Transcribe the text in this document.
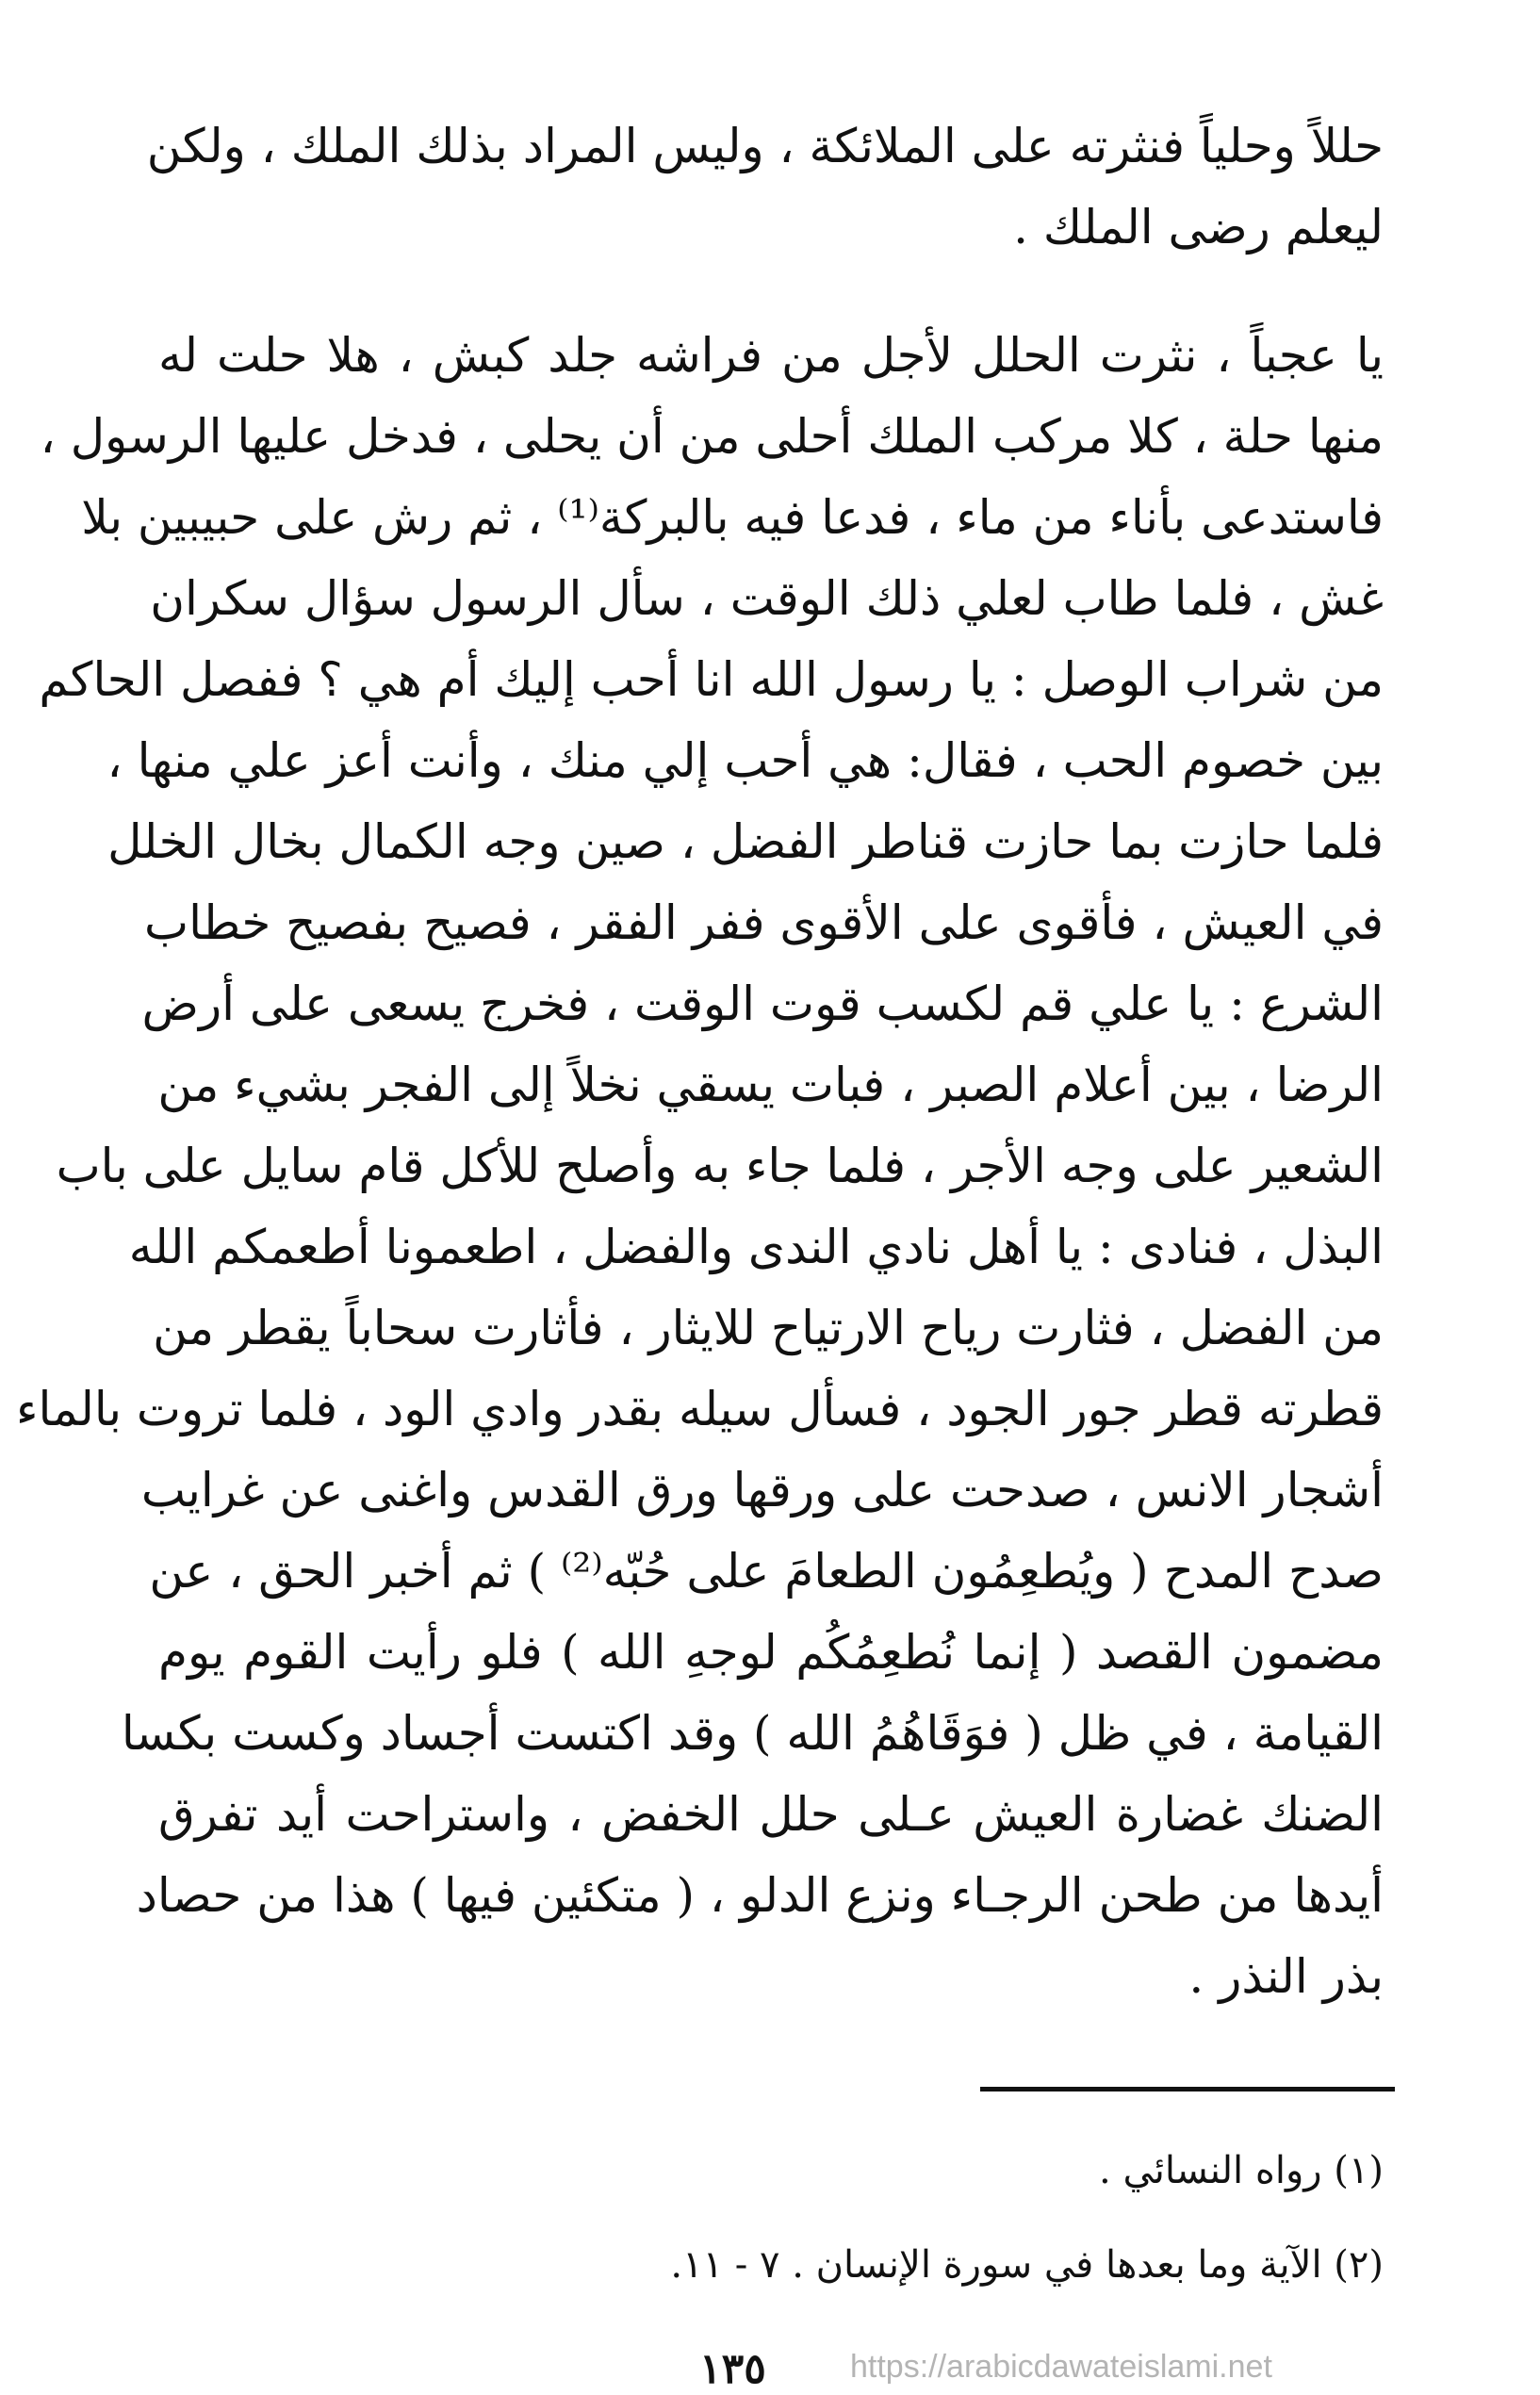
حللاً وحلياً فنثرته على الملائكة ، وليس المراد بذلك الملك ، ولكن
ليعلم رضى الملك .
يا عجباً ، نثرت الحلل لأجل من فراشه جلد كبش ، هلا حلت له
منها حلة ، كلا مركب الملك أحلى من أن يحلى ، فدخل عليها الرسول ،
فاستدعى بأناء من ماء ، فدعا فيه بالبركة⁽¹⁾ ، ثم رش على حبيبين بلا
غش ، فلما طاب لعلي ذلك الوقت ، سأل الرسول سؤال سكران
من شراب الوصل : يا رسول الله انا أحب إليك أم هي ؟ ففصل الحاكم
بين خصوم الحب ، فقال: هي أحب إلي منك ، وأنت أعز علي منها ،
فلما حازت بما حازت قناطر الفضل ، صين وجه الكمال بخال الخلل
في العيش ، فأقوى على الأقوى ففر الفقر ، فصيح بفصيح خطاب
الشرع : يا علي قم لكسب قوت الوقت ، فخرج يسعى على أرض
الرضا ، بين أعلام الصبر ، فبات يسقي نخلاً إلى الفجر بشيء من
الشعير على وجه الأجر ، فلما جاء به وأصلح للأكل قام سايل على باب
البذل ، فنادى : يا أهل نادي الندى والفضل ، اطعمونا أطعمكم الله
من الفضل ، فثارت رياح الارتياح للايثار ، فأثارت سحاباً يقطر من
قطرته قطر جور الجود ، فسأل سيله بقدر وادي الود ، فلما تروت بالماء
أشجار الانس ، صدحت على ورقها ورق القدس واغنى عن غرايب
صدح المدح ( ويُطعِمُون الطعامَ على حُبّه⁽²⁾ ) ثم أخبر الحق ، عن
مضمون القصد ( إنما نُطعِمُكُم لوجهِ الله ) فلو رأيت القوم يوم
القيامة ، في ظل ( فوَقَاهُمُ الله ) وقد اكتست أجساد وكست بكسا
الضنك غضارة العيش عـلى حلل الخفض ، واستراحت أيد تفرق
أيدها من طحن الرجـاء ونزع الدلو ، ( متكئين فيها ) هذا من حصاد
بذر النذر .
(١) رواه النسائي .
(٢) الآية وما بعدها في سورة الإنسان . ٧ - ١١.
١٣٥	https://arabicdawateislami.net
